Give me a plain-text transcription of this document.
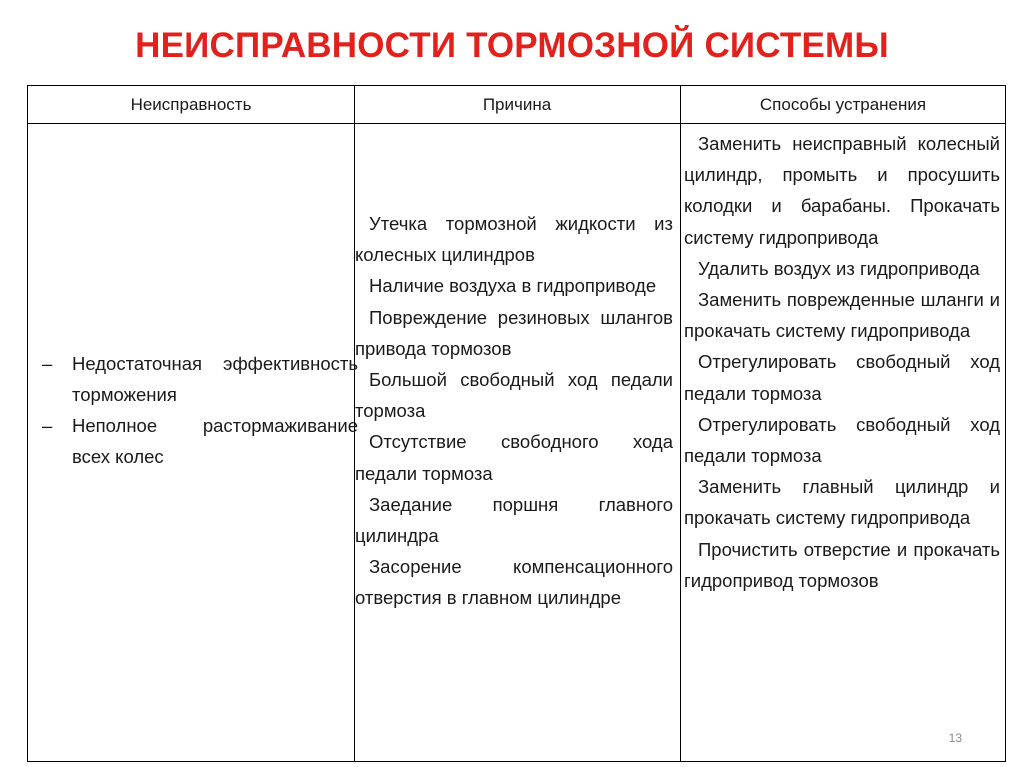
НЕИСПРАВНОСТИ ТОРМОЗНОЙ СИСТЕМЫ
Неисправность	Причина	Способы устранения
– Недостаточная эффективность торможения
– Неполное растормаживание всех колес

Утечка тормозной жидкости из колесных цилиндров

Наличие воздуха в гидроприводе

Повреждение резиновых шлангов привода тормозов

Большой свободный ход педали тормоза

Отсутствие свободного хода педали тормоза

Заедание поршня главного цилиндра

Засорение компенсационного отверстия в главном цилиндре

Заменить неисправный колесный цилиндр, промыть и просушить колодки и барабаны. Прокачать систему гидропривода

Удалить воздух из гидропривода

Заменить поврежденные шланги и прокачать систему гидропривода

Отрегулировать свободный ход педали тормоза

Отрегулировать свободный ход педали тормоза

Заменить главный цилиндр и прокачать систему гидропривода

Прочистить отверстие и прокачать гидропривод тормозов

13
